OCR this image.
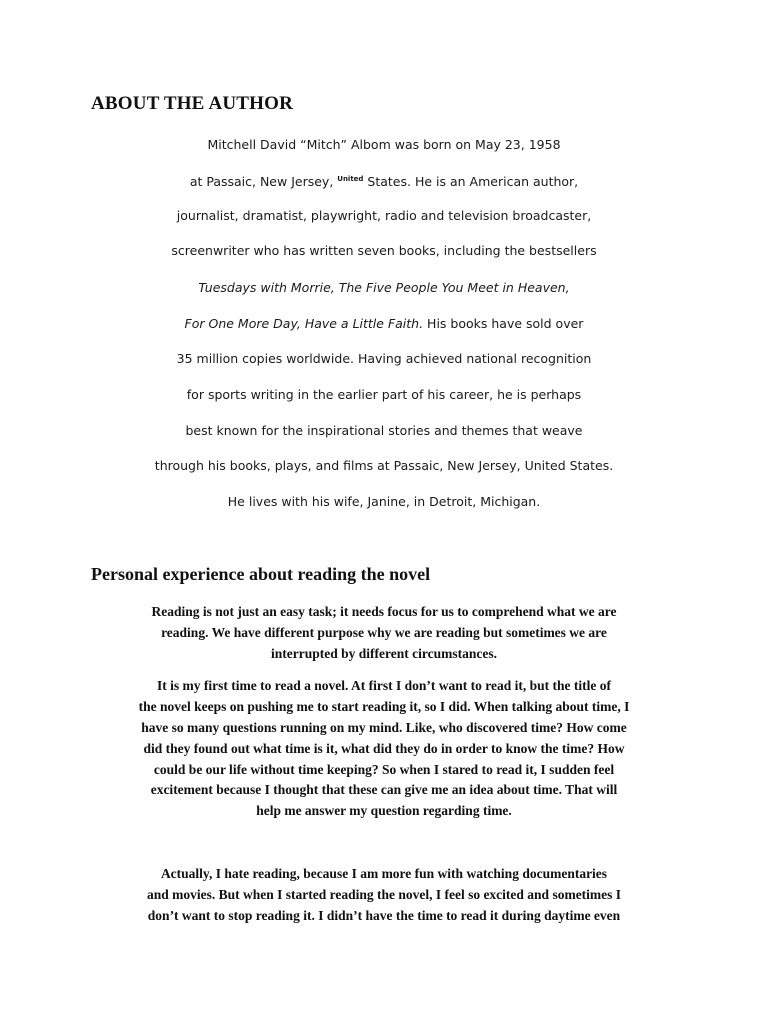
ABOUT THE AUTHOR
Mitchell David “Mitch” Albom was born on May 23, 1958
at Passaic, New Jersey, $^{United}$ States. He is an American author,
journalist, dramatist, playwright, radio and television broadcaster,
screenwriter who has written seven books, including the bestsellers
Tuesdays with Morrie, The Five People You Meet in Heaven,
For One More Day, Have a Little Faith. His books have sold over
35 million copies worldwide. Having achieved national recognition
for sports writing in the earlier part of his career, he is perhaps
best known for the inspirational stories and themes that weave
through his books, plays, and films at Passaic, New Jersey, United States.
He lives with his wife, Janine, in Detroit, Michigan.
Personal experience about reading the novel
Reading is not just an easy task; it needs focus for us to comprehend what we are
reading. We have different purpose why we are reading but sometimes we are
interrupted by different circumstances.
It is my first time to read a novel. At first I don’t want to read it, but the title of
the novel keeps on pushing me to start reading it, so I did. When talking about time, I
have so many questions running on my mind. Like, who discovered time? How come
did they found out what time is it, what did they do in order to know the time? How
could be our life without time keeping? So when I stared to read it, I sudden feel
excitement because I thought that these can give me an idea about time. That will
help me answer my question regarding time.
Actually, I hate reading, because I am more fun with watching documentaries
and movies. But when I started reading the novel, I feel so excited and sometimes I
don’t want to stop reading it. I didn’t have the time to read it during daytime even
